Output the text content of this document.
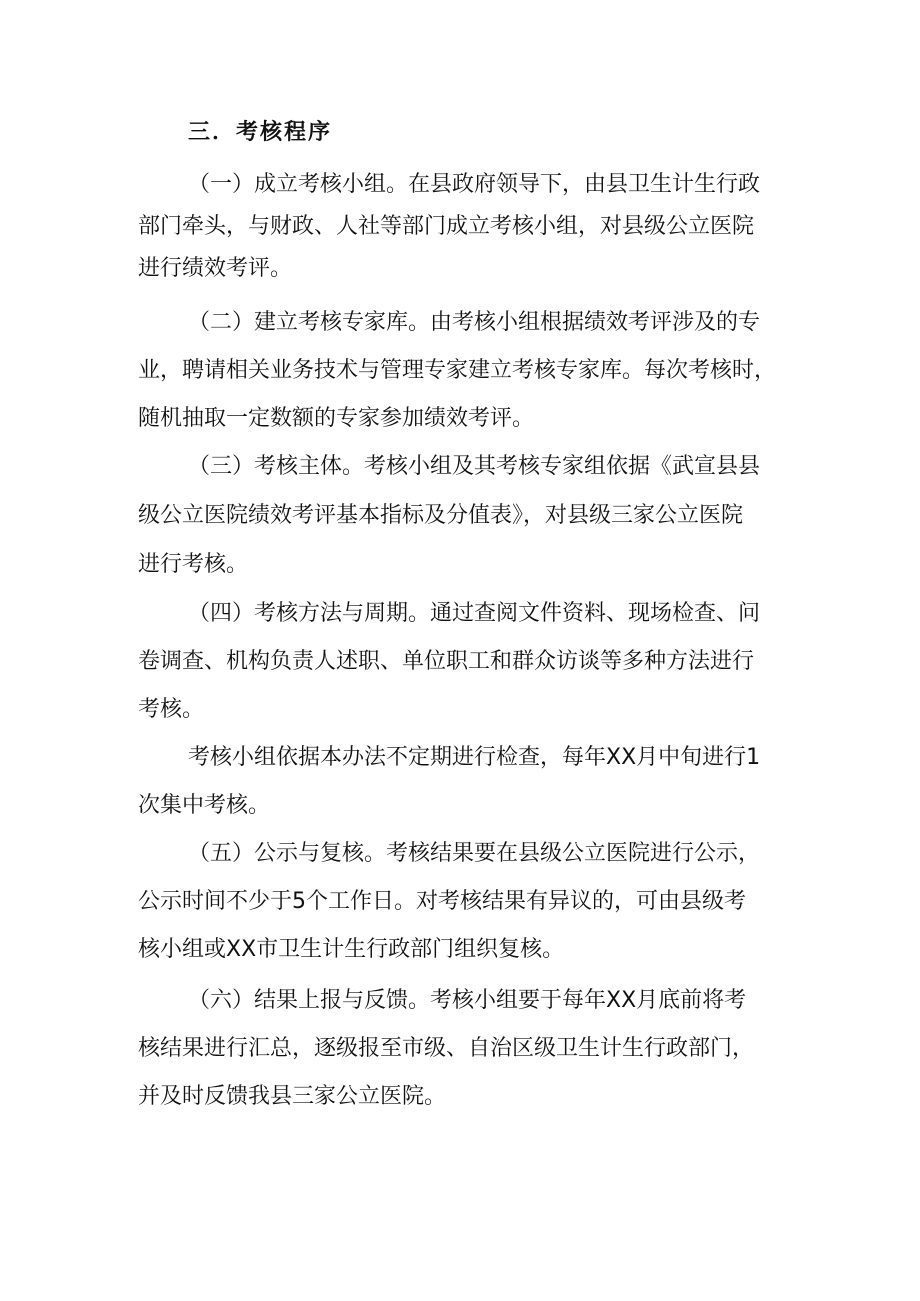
三．考核程序
（一）成立考核小组。在县政府领导下，由县卫生计生行政
部门牵头，与财政、人社等部门成立考核小组，对县级公立医院
进行绩效考评。
（二）建立考核专家库。由考核小组根据绩效考评涉及的专
业，聘请相关业务技术与管理专家建立考核专家库。每次考核时，
随机抽取一定数额的专家参加绩效考评。
（三）考核主体。考核小组及其考核专家组依据《武宣县县
级公立医院绩效考评基本指标及分值表》，对县级三家公立医院
进行考核。
（四）考核方法与周期。通过查阅文件资料、现场检查、问
卷调查、机构负责人述职、单位职工和群众访谈等多种方法进行
考核。
考核小组依据本办法不定期进行检查，每年XX月中旬进行1
次集中考核。
（五）公示与复核。考核结果要在县级公立医院进行公示，
公示时间不少于5个工作日。对考核结果有异议的，可由县级考
核小组或XX市卫生计生行政部门组织复核。
（六）结果上报与反馈。考核小组要于每年XX月底前将考
核结果进行汇总，逐级报至市级、自治区级卫生计生行政部门，
并及时反馈我县三家公立医院。
